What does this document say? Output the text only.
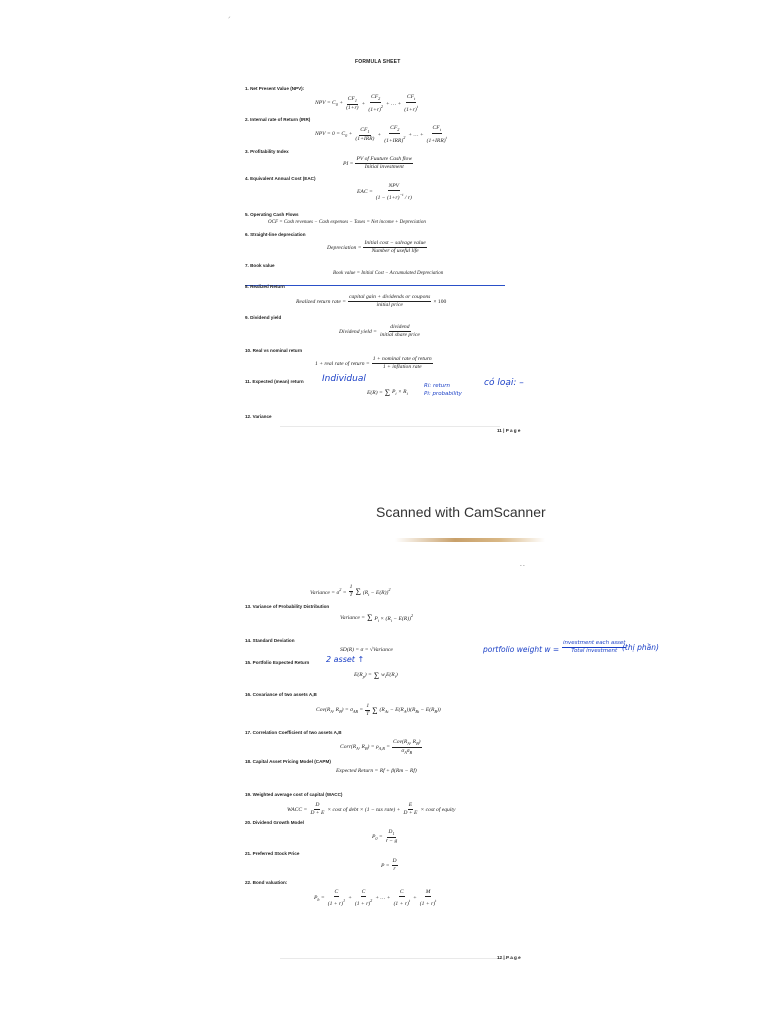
⸝
FORMULA SHEET
1. Net Present Value (NPV):
NPV = $C_0 + \frac{CF_1}{(1+r)} + \frac{CF_2}{(1+r)^2}$ + … + $\frac{CF_t}{(1+r)^t}$
2. Internal rate of Return (IRR)
NPV = $0 = C_0 + \frac{CF_1}{\text{(1+IRR)}} + \frac{CF_2}{(1+IRR)^2}$ + … + $\frac{CF_t}{(1+IRR)^t}$
3. Profitability Index
PI = $\frac{\text{PV of Fuuture Cash flow}}{\text{Initial investment}}$
4. Equivalent Annual Cost (EAC)
EAC = $\frac{\text{NPV}}{(1 - (1+r)^{-t} / r)}$
5. Operating Cash Flows
OCF = Cash revenues − Cash expenses − Taxes = Net income + Depreciation
6. Straight-line depreciation
Depreciation = $\frac{\text{Initial cost − salvage value}}{\text{Number of useful life}}$
7. Book value
Book value = Initial Cost − Accumulated Depreciation
8. Realized Return
Realized return rate = $\frac{\text{capital gain + dividends or coupons}}{\text{initial price}} \times 100$
9. Dividend yield
Dividend yield = $\frac{\text{dividend}}{\text{initial share price}}$
10. Real vs nominal return
1 + real rate of return = $\frac{\text{1 + nominal rate of return}}{\text{1 + inflation rate}}$
11. Expected (mean) return Individual
E(R) = Σ $P_i \times R_i$
Ri: return
Pi: probability
có loại: –
12. Variance
11 | P a g e
Scanned with CamScanner
- -
Variance = $\sigma^2 = \frac{1}{T}$ Σ $(R_t - E(R))^2$
13. Variance of Probability Distribution
Variance = Σ $P_i \times (R_i - E(R))^2$
14. Standard Deviation
SD(R) = σ = √Variance
15. Portfolio Expected Return 2 asset ↑
$E(R_p) = \Sigma$ $w_iE(R_i)$
portfolio weight w =
investment each asset
Total investment (thị phần)
16. Covariance of two assets A,B
$Cov(R_A$, $R_B) = \sigma_{AB} = \frac{1}{T}$ Σ $(R_{At} - E(R_A))(R_{Bt} - E(R_B))$
17. Correlation Coefficient of two assets A,B
$Corr(R_A$, $R_B) = \rho_{A,B} = \frac{Cov(R_A, R_B)}{\sigma_A\sigma_B}$
18. Capital Asset Pricing Model (CAPM)
Expected Return = Rf + β(Rm − Rf)
19. Weighted average cost of capital (WACC)
WACC = $\frac{D}{D + E} \times \cos t$ of debt × (1 − tax rate) + $\frac{E}{D + E} \times \cos t$ of equity
20. Dividend Growth Model
$P_0 = \frac{D_1}{r - g}$
21. Preferred Stock Price
$P = \frac{D}{r}$
22. Bond valuation:
$P_b = \frac{C}{(1 + r)^1} + \frac{C}{(1 + r)^2}$ + … + $\frac{C}{(1 + r)^t} + \frac{M}{(1 + r)^t}$
12 | P a g e
